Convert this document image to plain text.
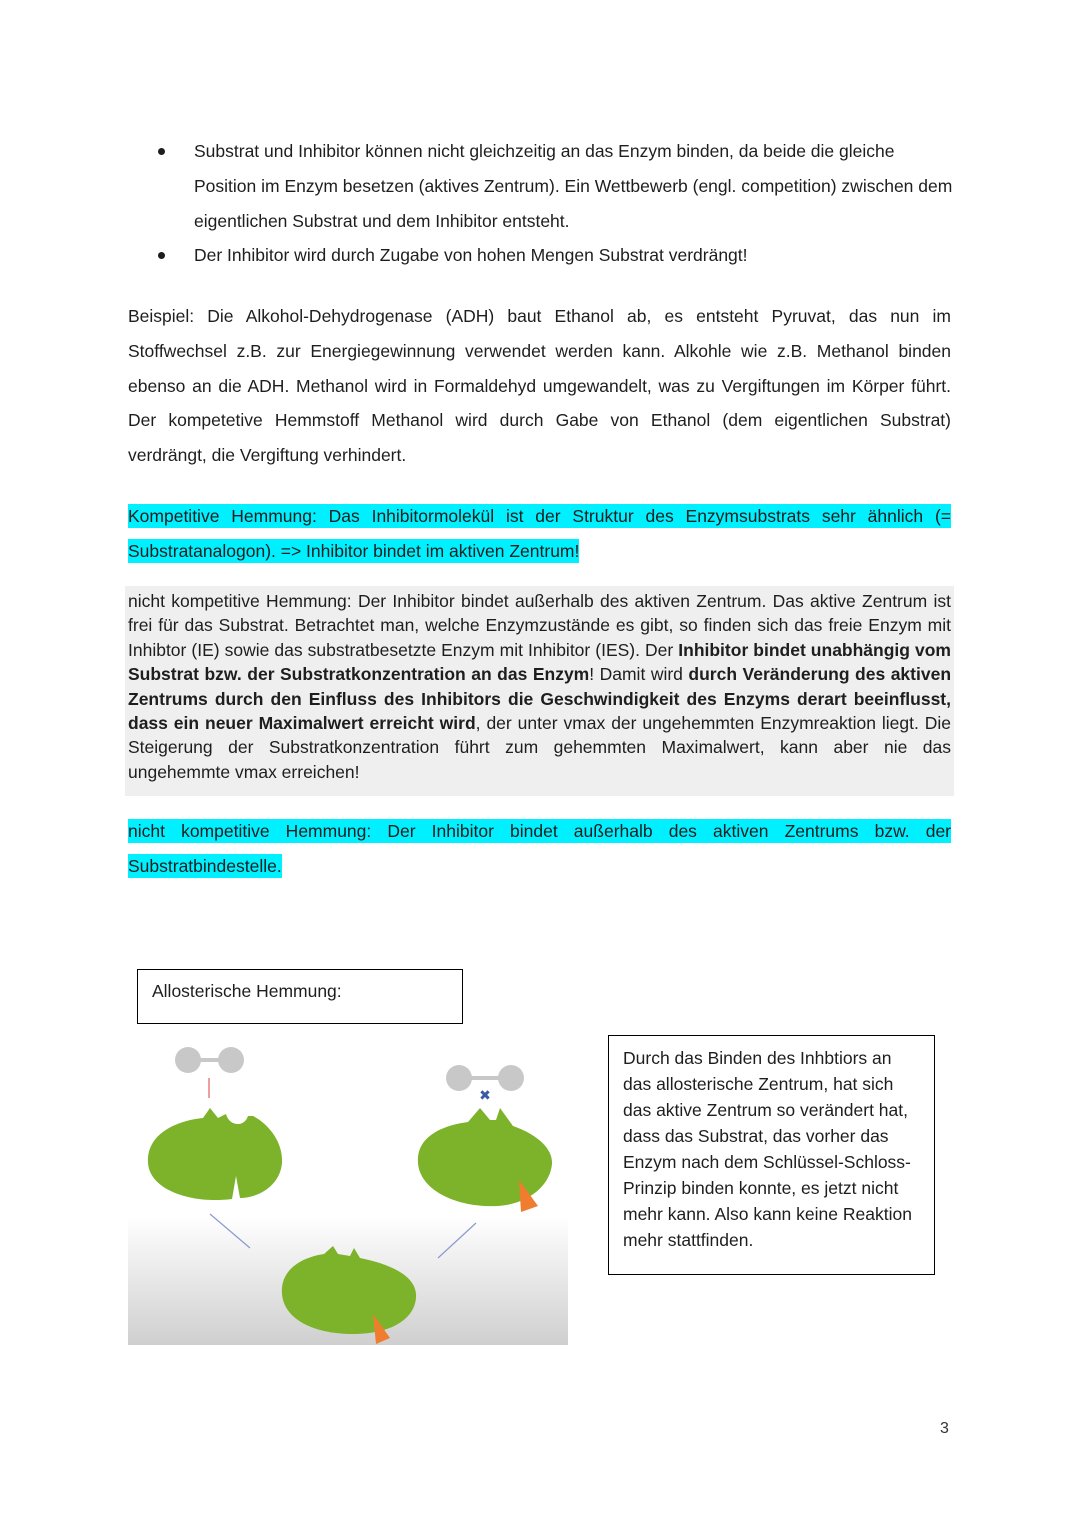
Substrat und Inhibitor können nicht gleichzeitig an das Enzym binden, da beide die gleiche Position im Enzym besetzen (aktives Zentrum). Ein Wettbewerb (engl. competition) zwischen dem eigentlichen Substrat und dem Inhibitor entsteht.
Der Inhibitor wird durch Zugabe von hohen Mengen Substrat verdrängt!

Beispiel: Die Alkohol-Dehydrogenase (ADH) baut Ethanol ab, es entsteht Pyruvat, das nun im Stoffwechsel z.B. zur Energiegewinnung verwendet werden kann. Alkohle wie z.B. Methanol binden ebenso an die ADH. Methanol wird in Formaldehyd umgewandelt, was zu Vergiftungen im Körper führt. Der kompetetive Hemmstoff Methanol wird durch Gabe von Ethanol (dem eigentlichen Substrat) verdrängt, die Vergiftung verhindert.

Kompetitive Hemmung: Das Inhibitormolekül ist der Struktur des Enzymsubstrats sehr ähnlich (= Substratanalogon). => Inhibitor bindet im aktiven Zentrum!

nicht kompetitive Hemmung: Der Inhibitor bindet außerhalb des aktiven Zentrum. Das aktive Zentrum ist frei für das Substrat. Betrachtet man, welche Enzymzustände es gibt, so finden sich das freie Enzym mit Inhibtor (IE) sowie das substratbesetzte Enzym mit Inhibitor (IES). Der Inhibitor bindet unabhängig vom Substrat bzw. der Substratkonzentration an das Enzym! Damit wird durch Veränderung des aktiven Zentrums durch den Einfluss des Inhibitors die Geschwindigkeit des Enzyms derart beeinflusst, dass ein neuer Maximalwert erreicht wird, der unter vmax der ungehemmten Enzymreaktion liegt. Die Steigerung der Substratkonzentration führt zum gehemmten Maximalwert, kann aber nie das ungehemmte vmax erreichen!

nicht kompetitive Hemmung: Der Inhibitor bindet außerhalb des aktiven Zentrums bzw. der Substratbindestelle.

Allosterische Hemmung:
✖
Durch das Binden des Inhbtiors an das allosterische Zentrum, hat sich das aktive Zentrum so verändert hat, dass das Substrat, das vorher das Enzym nach dem Schlüssel-Schloss-Prinzip binden konnte, es jetzt nicht mehr kann. Also kann keine Reaktion mehr stattfinden.
3
